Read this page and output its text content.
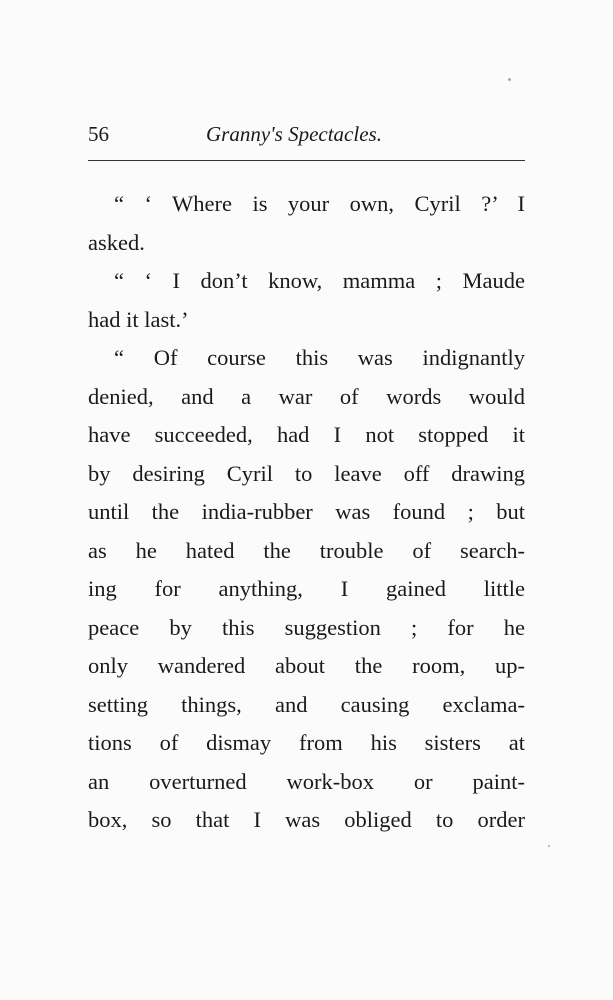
56	Granny's Spectacles.
“ ‘ Where is your own, Cyril ?’ I
asked.
“ ‘ I don’t know, mamma ; Maude
had it last.’
“ Of course this was indignantly
denied, and a war of words would
have succeeded, had I not stopped it
by desiring Cyril to leave off drawing
until the india-rubber was found ; but
as he hated the trouble of search-
ing for anything, I gained little
peace by this suggestion ; for he
only wandered about the room, up-
setting things, and causing exclama-
tions of dismay from his sisters at
an overturned work-box or paint-
box, so that I was obliged to order
